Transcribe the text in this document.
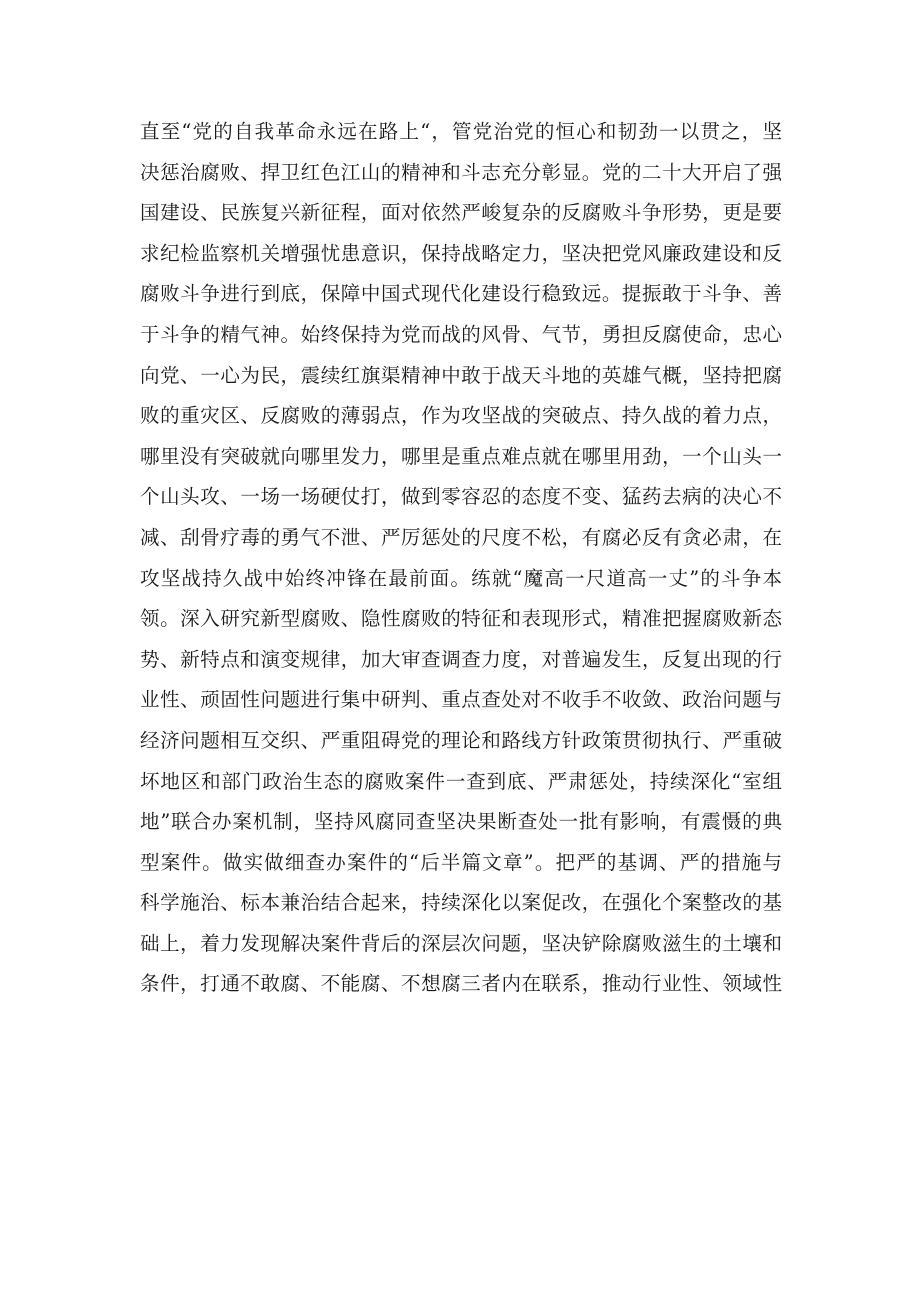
直至“党的自我革命永远在路上“，管党治党的恒心和韧劲一以贯之，坚
决惩治腐败、捍卫红色江山的精神和斗志充分彰显。党的二十大开启了强
国建设、民族复兴新征程，面对依然严峻复杂的反腐败斗争形势，更是要
求纪检监察机关增强忧患意识，保持战略定力，坚决把党风廉政建设和反
腐败斗争进行到底，保障中国式现代化建设行稳致远。提振敢于斗争、善
于斗争的精气神。始终保持为党而战的风骨、气节，勇担反腐使命，忠心
向党、一心为民，震续红旗渠精神中敢于战天斗地的英雄气概，坚持把腐
败的重灾区、反腐败的薄弱点，作为攻坚战的突破点、持久战的着力点，
哪里没有突破就向哪里发力，哪里是重点难点就在哪里用劲，一个山头一
个山头攻、一场一场硬仗打，做到零容忍的态度不变、猛药去病的决心不
减、刮骨疗毒的勇气不泄、严厉惩处的尺度不松，有腐必反有贪必肃，在
攻坚战持久战中始终冲锋在最前面。练就“魔高一尺道高一丈”的斗争本
领。深入研究新型腐败、隐性腐败的特征和表现形式，精准把握腐败新态
势、新特点和演变规律，加大审查调查力度，对普遍发生，反复出现的行
业性、顽固性问题进行集中研判、重点查处对不收手不收敛、政治问题与
经济问题相互交织、严重阻碍党的理论和路线方针政策贯彻执行、严重破
坏地区和部门政治生态的腐败案件一查到底、严肃惩处，持续深化“室组
地”联合办案机制，坚持风腐同查坚决果断查处一批有影响，有震慑的典
型案件。做实做细查办案件的“后半篇文章”。把严的基调、严的措施与
科学施治、标本兼治结合起来，持续深化以案促改，在强化个案整改的基
础上，着力发现解决案件背后的深层次问题，坚决铲除腐败滋生的土壤和
条件，打通不敢腐、不能腐、不想腐三者内在联系，推动行业性、领域性
